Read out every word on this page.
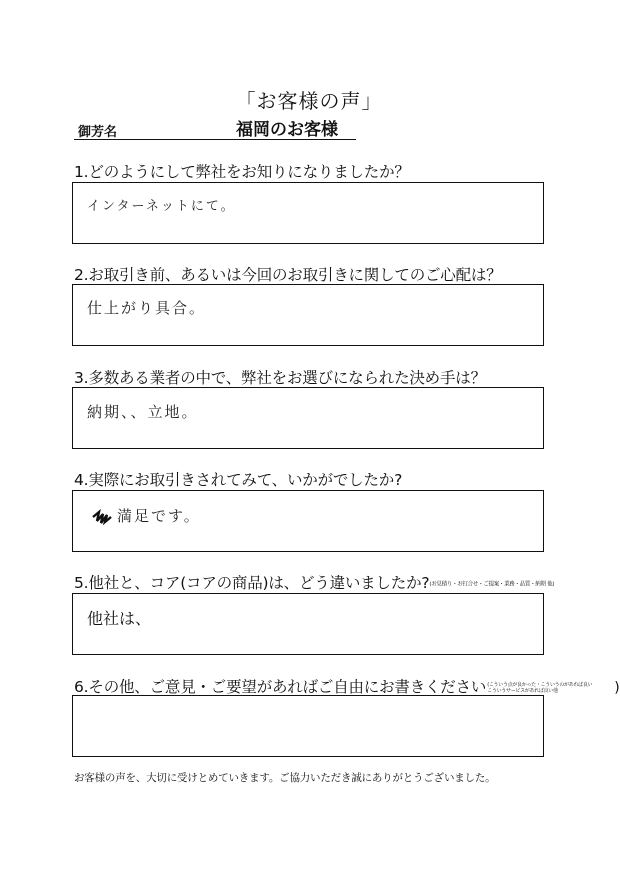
「お客様の声」
御芳名	福岡のお客様
1.どのようにして弊社をお知りになりましたか？
インターネットにて。
2.お取引き前、あるいは今回のお取引きに関してのご心配は？
仕上がり具合。
3.多数ある業者の中で、弊社をお選びになられた決め手は？
納期、、立地。
4.実際にお取引きされてみて、いかがでしたか?
満足です。
5.他社と、コア(コアの商品)は、どう違いましたか?(お見積り・お打合せ・ご提案・業務・品質・納期 他)
他社は、
6.その他、ご意見・ご要望があればご自由にお書きください(こういう点が良かった・こういうのがあれば良い
こういうサービスがあれば良い他	)
お客様の声を、大切に受けとめていきます。ご協力いただき誠にありがとうございました。
